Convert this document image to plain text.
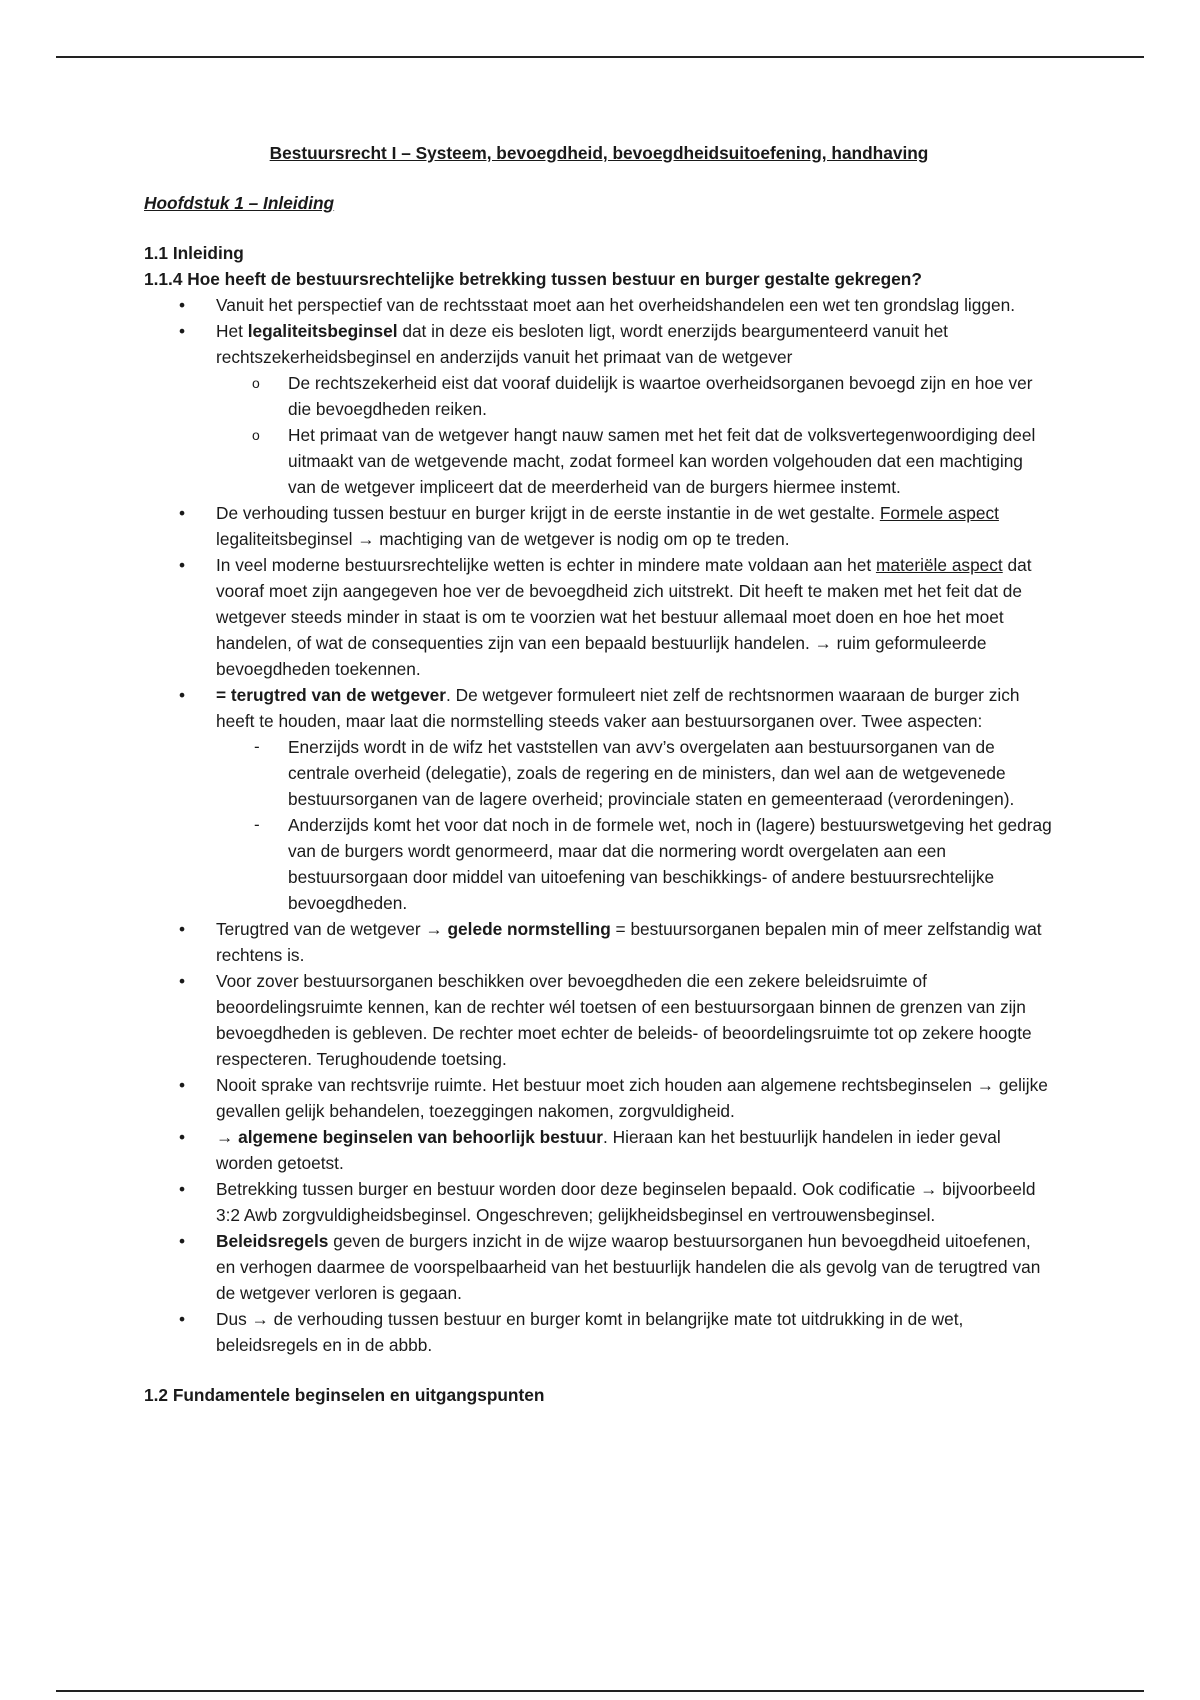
Bestuursrecht I – Systeem, bevoegdheid, bevoegdheidsuitoefening, handhaving
Hoofdstuk 1 – Inleiding
1.1 Inleiding
1.1.4 Hoe heeft de bestuursrechtelijke betrekking tussen bestuur en burger gestalte gekregen?
• Vanuit het perspectief van de rechtsstaat moet aan het overheidshandelen een wet ten grondslag liggen.
• Het legaliteitsbeginsel dat in deze eis besloten ligt, wordt enerzijds beargumenteerd vanuit het rechtszekerheidsbeginsel en anderzijds vanuit het primaat van de wetgever
o De rechtszekerheid eist dat vooraf duidelijk is waartoe overheidsorganen bevoegd zijn en hoe ver die bevoegdheden reiken.
o Het primaat van de wetgever hangt nauw samen met het feit dat de volksvertegenwoordiging deel uitmaakt van de wetgevende macht, zodat formeel kan worden volgehouden dat een machtiging van de wetgever impliceert dat de meerderheid van de burgers hiermee instemt.
• De verhouding tussen bestuur en burger krijgt in de eerste instantie in de wet gestalte. Formele aspect legaliteitsbeginsel → machtiging van de wetgever is nodig om op te treden.
• In veel moderne bestuursrechtelijke wetten is echter in mindere mate voldaan aan het materiële aspect dat vooraf moet zijn aangegeven hoe ver de bevoegdheid zich uitstrekt. Dit heeft te maken met het feit dat de wetgever steeds minder in staat is om te voorzien wat het bestuur allemaal moet doen en hoe het moet handelen, of wat de consequenties zijn van een bepaald bestuurlijk handelen. → ruim geformuleerde bevoegdheden toekennen.
• = terugtred van de wetgever. De wetgever formuleert niet zelf de rechtsnormen waaraan de burger zich heeft te houden, maar laat die normstelling steeds vaker aan bestuursorganen over. Twee aspecten:
- Enerzijds wordt in de wifz het vaststellen van avv’s overgelaten aan bestuursorganen van de centrale overheid (delegatie), zoals de regering en de ministers, dan wel aan de wetgevenede bestuursorganen van de lagere overheid; provinciale staten en gemeenteraad (verordeningen).
- Anderzijds komt het voor dat noch in de formele wet, noch in (lagere) bestuurswetgeving het gedrag van de burgers wordt genormeerd, maar dat die normering wordt overgelaten aan een bestuursorgaan door middel van uitoefening van beschikkings- of andere bestuursrechtelijke bevoegdheden.
• Terugtred van de wetgever → gelede normstelling = bestuursorganen bepalen min of meer zelfstandig wat rechtens is.
• Voor zover bestuursorganen beschikken over bevoegdheden die een zekere beleidsruimte of beoordelingsruimte kennen, kan de rechter wél toetsen of een bestuursorgaan binnen de grenzen van zijn bevoegdheden is gebleven. De rechter moet echter de beleids- of beoordelingsruimte tot op zekere hoogte respecteren. Terughoudende toetsing.
• Nooit sprake van rechtsvrije ruimte. Het bestuur moet zich houden aan algemene rechtsbeginselen → gelijke gevallen gelijk behandelen, toezeggingen nakomen, zorgvuldigheid.
• → algemene beginselen van behoorlijk bestuur. Hieraan kan het bestuurlijk handelen in ieder geval worden getoetst.
• Betrekking tussen burger en bestuur worden door deze beginselen bepaald. Ook codificatie → bijvoorbeeld 3:2 Awb zorgvuldigheidsbeginsel. Ongeschreven; gelijkheidsbeginsel en vertrouwensbeginsel.
• Beleidsregels geven de burgers inzicht in de wijze waarop bestuursorganen hun bevoegdheid uitoefenen, en verhogen daarmee de voorspelbaarheid van het bestuurlijk handelen die als gevolg van de terugtred van de wetgever verloren is gegaan.
• Dus → de verhouding tussen bestuur en burger komt in belangrijke mate tot uitdrukking in de wet, beleidsregels en in de abbb.
1.2 Fundamentele beginselen en uitgangspunten
